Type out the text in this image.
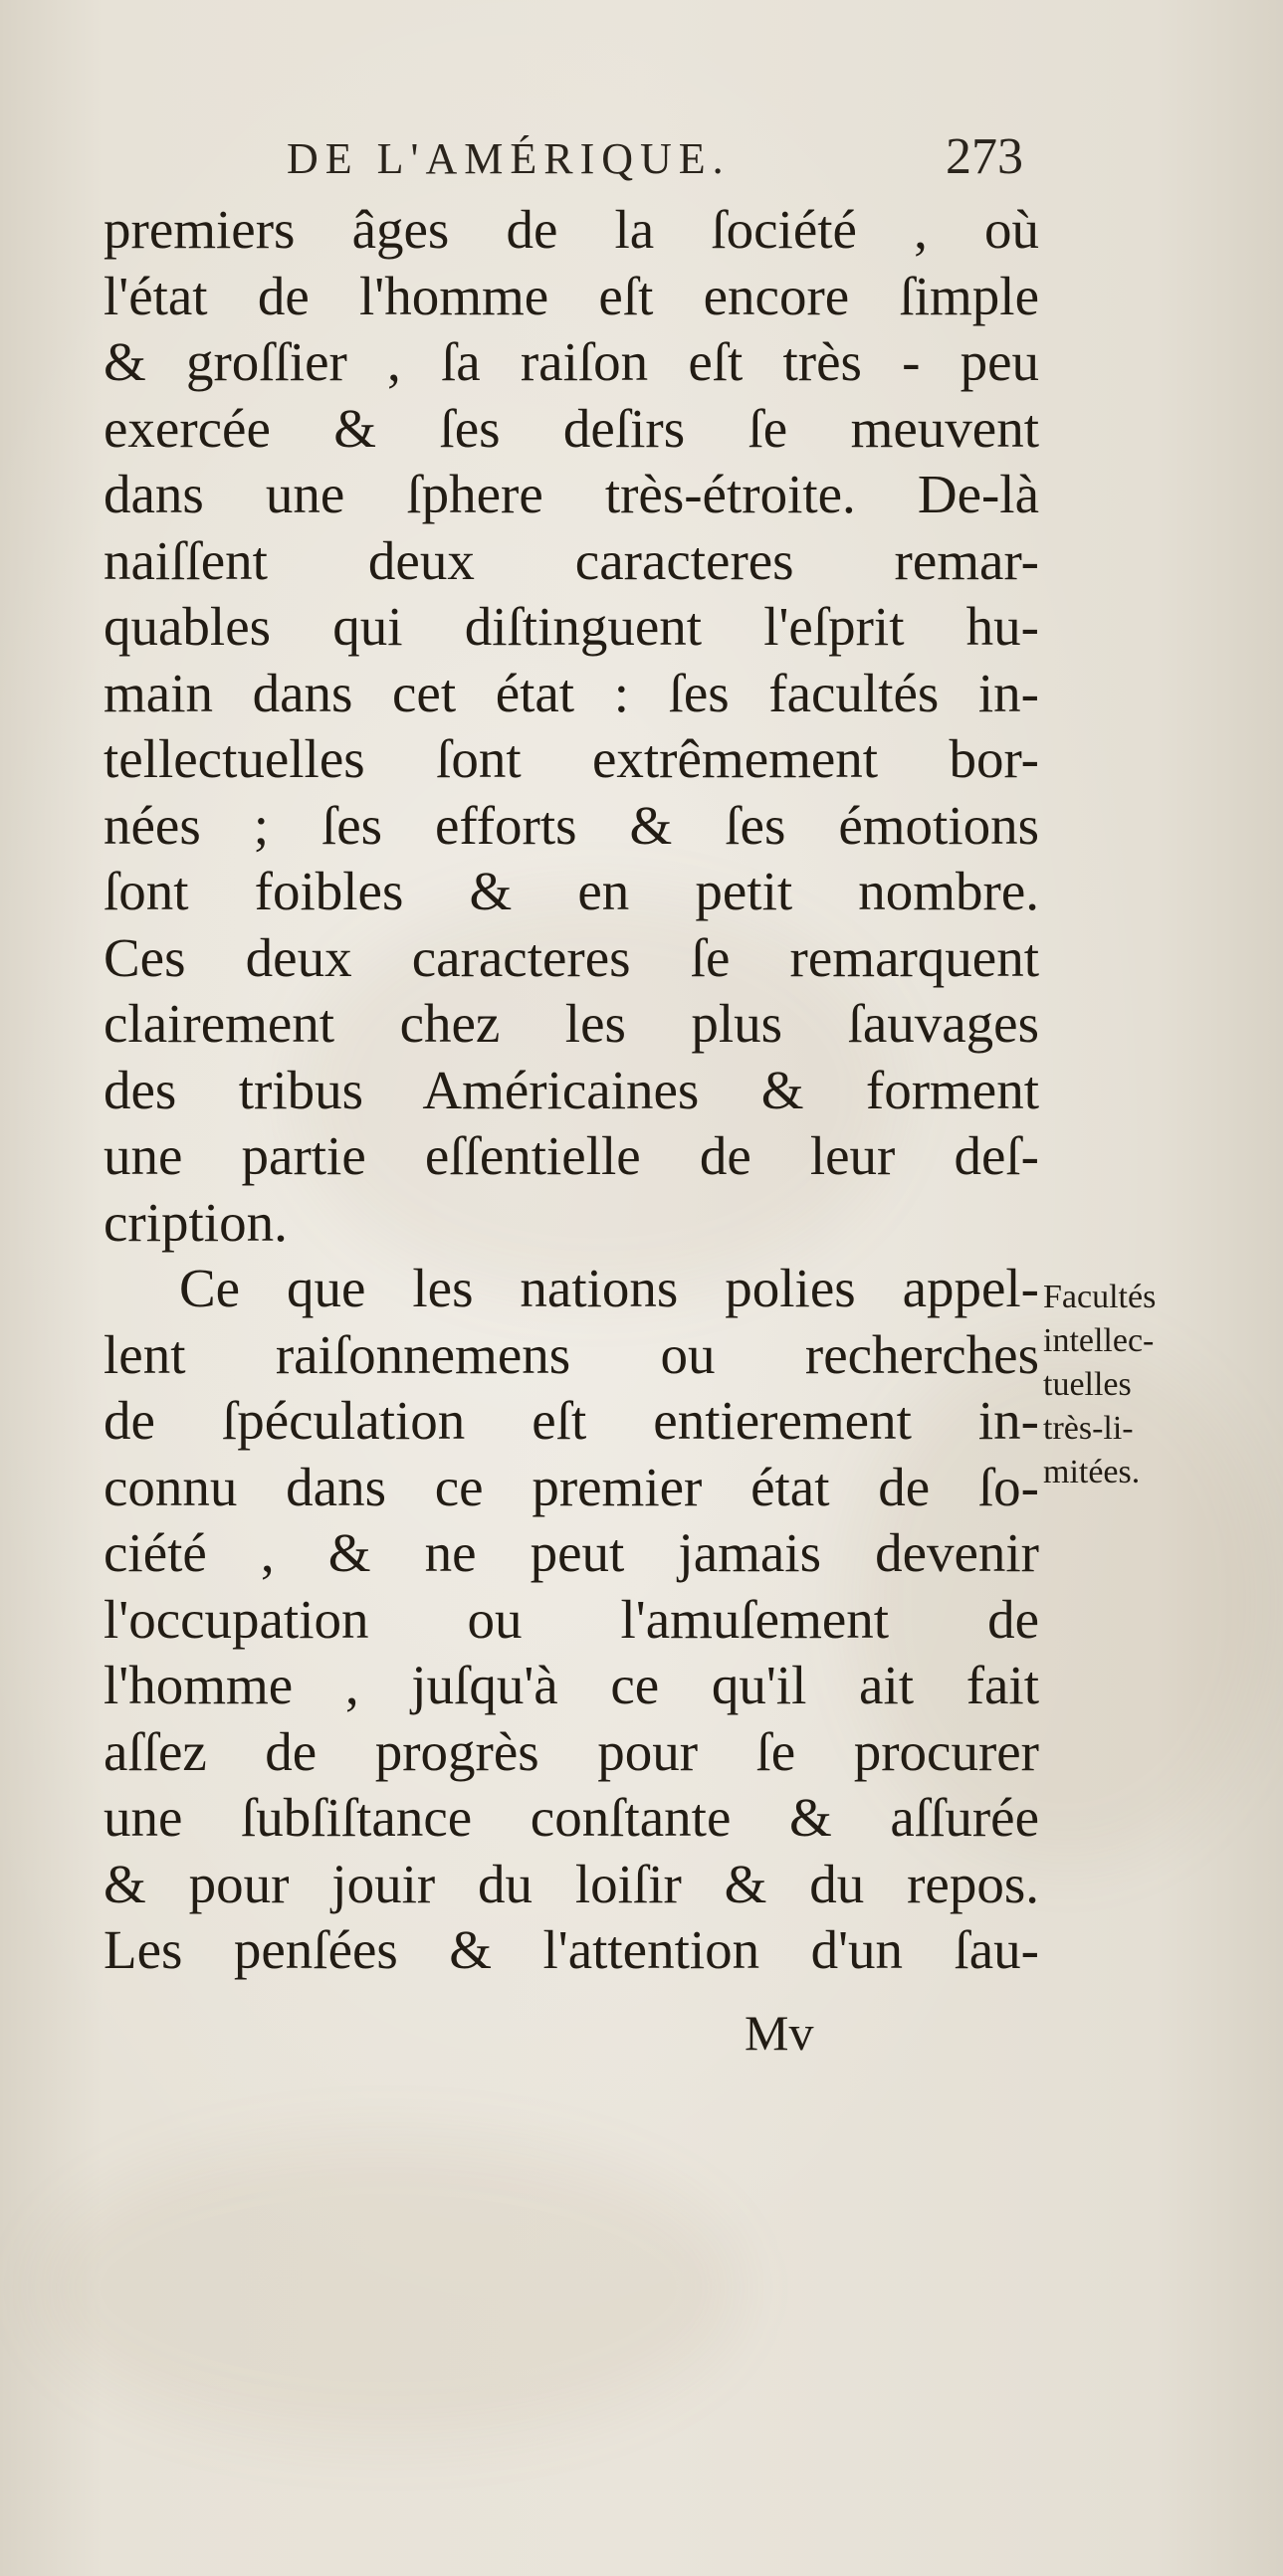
DE L'AMÉRIQUE.	273
premiers âges de la ſociété , où
l'état de l'homme eſt encore ſimple
& groſſier , ſa raiſon eſt très - peu
exercée & ſes deſirs ſe meuvent
dans une ſphere très-étroite. De-là
naiſſent deux caracteres remar-
quables qui diſtinguent l'eſprit hu-
main dans cet état : ſes facultés in-
tellectuelles ſont extrêmement bor-
nées ; ſes efforts & ſes émotions
ſont foibles & en petit nombre.
Ces deux caracteres ſe remarquent
clairement chez les plus ſauvages
des tribus Américaines & forment
une partie eſſentielle de leur deſ-
cription.
Ce que les nations polies appel-
lent raiſonnemens ou recherches
de ſpéculation eſt entierement in-
connu dans ce premier état de ſo-
ciété , & ne peut jamais devenir
l'occupation ou l'amuſement de
l'homme , juſqu'à ce qu'il ait fait
aſſez de progrès pour ſe procurer
une ſubſiſtance conſtante & aſſurée
& pour jouir du loiſir & du repos.
Les penſées & l'attention d'un ſau-
Facultés
intellec-
tuelles
très-li-
mitées.
Mv
